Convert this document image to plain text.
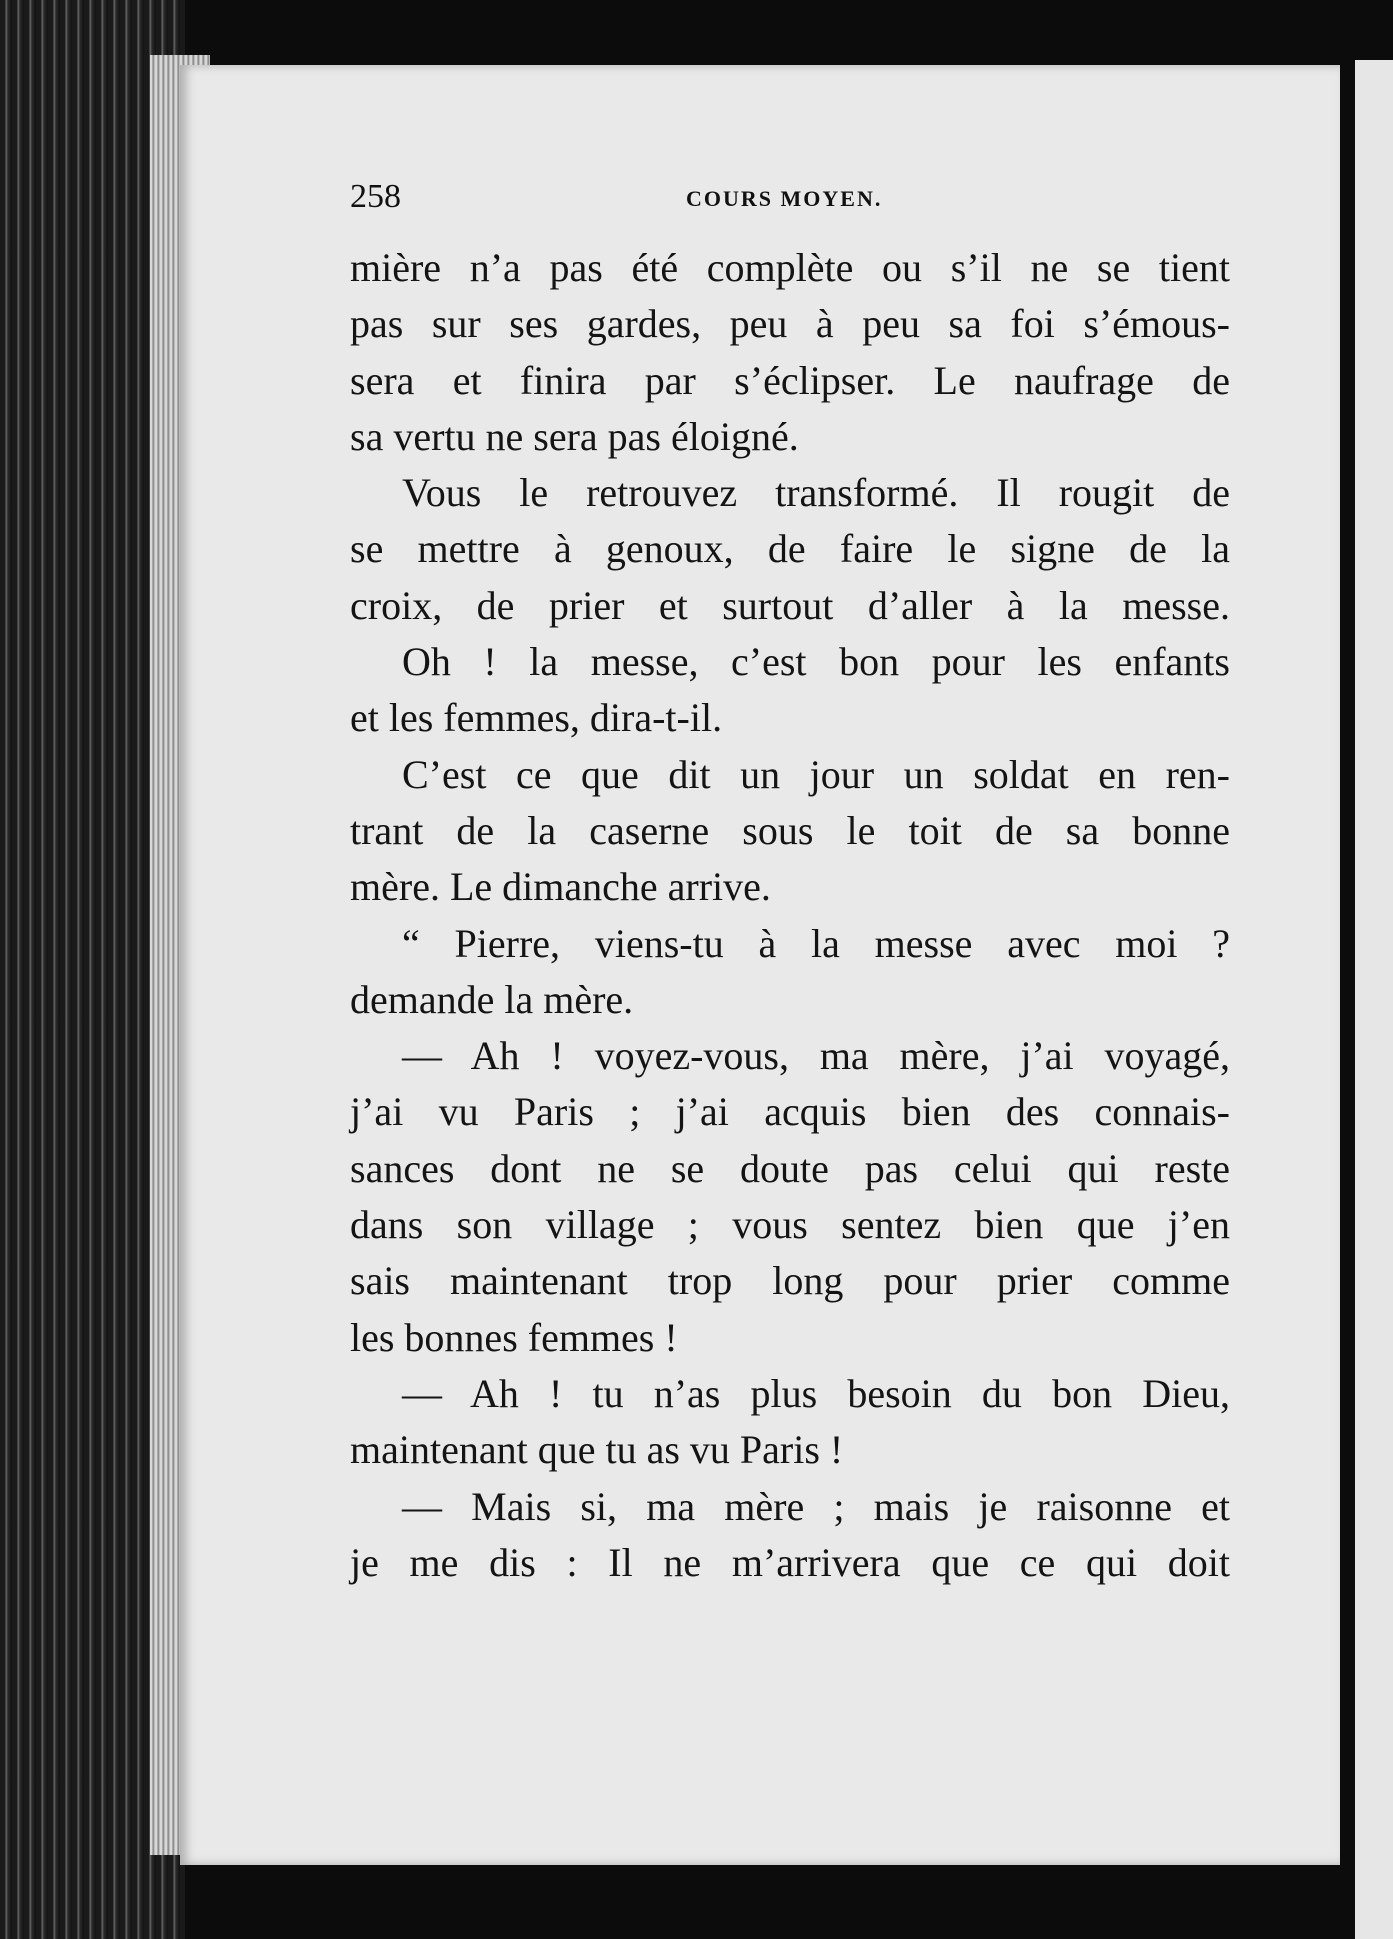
258	COURS MOYEN.
mière n’a pas été complète ou s’il ne se tient
pas sur ses gardes, peu à peu sa foi s’émous-
sera et finira par s’éclipser. Le naufrage de
sa vertu ne sera pas éloigné.
Vous le retrouvez transformé. Il rougit de
se mettre à genoux, de faire le signe de la
croix, de prier et surtout d’aller à la messe.
Oh ! la messe, c’est bon pour les enfants
et les femmes, dira-t-il.
C’est ce que dit un jour un soldat en ren-
trant de la caserne sous le toit de sa bonne
mère. Le dimanche arrive.
“ Pierre, viens-tu à la messe avec moi ?
demande la mère.
— Ah ! voyez-vous, ma mère, j’ai voyagé,
j’ai vu Paris ; j’ai acquis bien des connais-
sances dont ne se doute pas celui qui reste
dans son village ; vous sentez bien que j’en
sais maintenant trop long pour prier comme
les bonnes femmes !
— Ah ! tu n’as plus besoin du bon Dieu,
maintenant que tu as vu Paris !
— Mais si, ma mère ; mais je raisonne et
je me dis : Il ne m’arrivera que ce qui doit
